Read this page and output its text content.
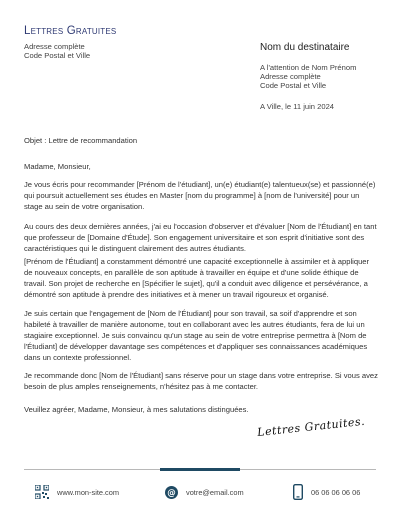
Lettres Gratuites
Adresse complète
Code Postal et Ville
Nom du destinataire
A l'attention de Nom Prénom
Adresse complète
Code Postal et Ville
A Ville, le 11 juin 2024
Objet : Lettre de recommandation
Madame, Monsieur,

Je vous écris pour recommander [Prénom de l'étudiant], un(e) étudiant(e) talentueux(se) et passionné(e) qui poursuit actuellement ses études en Master [nom du programme] à [nom de l'université] pour un stage au sein de votre organisation.

Au cours des deux dernières années, j'ai eu l'occasion d'observer et d'évaluer [Nom de l'Étudiant] en tant que professeur de [Domaine d'Étude]. Son engagement universitaire et son esprit d'initiative sont des caractéristiques qui le distinguent clairement des autres étudiants.

[Prénom de l'Étudiant] a constamment démontré une capacité exceptionnelle à assimiler et à appliquer de nouveaux concepts, en parallèle de son aptitude à travailler en équipe et d'une solide éthique de travail. Son projet de recherche en [Spécifier le sujet], qu'il a conduit avec diligence et persévérance, a démontré son aptitude à prendre des initiatives et à mener un travail rigoureux et organisé.

Je suis certain que l'engagement de [Nom de l'Étudiant] pour son travail, sa soif d'apprendre et son habileté à travailler de manière autonome, tout en collaborant avec les autres étudiants, fera de lui un stagiaire exceptionnel. Je suis convaincu qu'un stage au sein de votre entreprise permettra à [Nom de l'Étudiant] de développer davantage ses compétences et d'appliquer ses connaissances académiques dans un contexte professionnel.

Je recommande donc [Nom de l'Étudiant] sans réserve pour un stage dans votre entreprise. Si vous avez besoin de plus amples renseignements, n'hésitez pas à me contacter.

Veuillez agréer, Madame, Monsieur, à mes salutations distinguées.
Lettres Gratuites.
www.mon-site.com	@ votre@email.com	06 06 06 06 06
